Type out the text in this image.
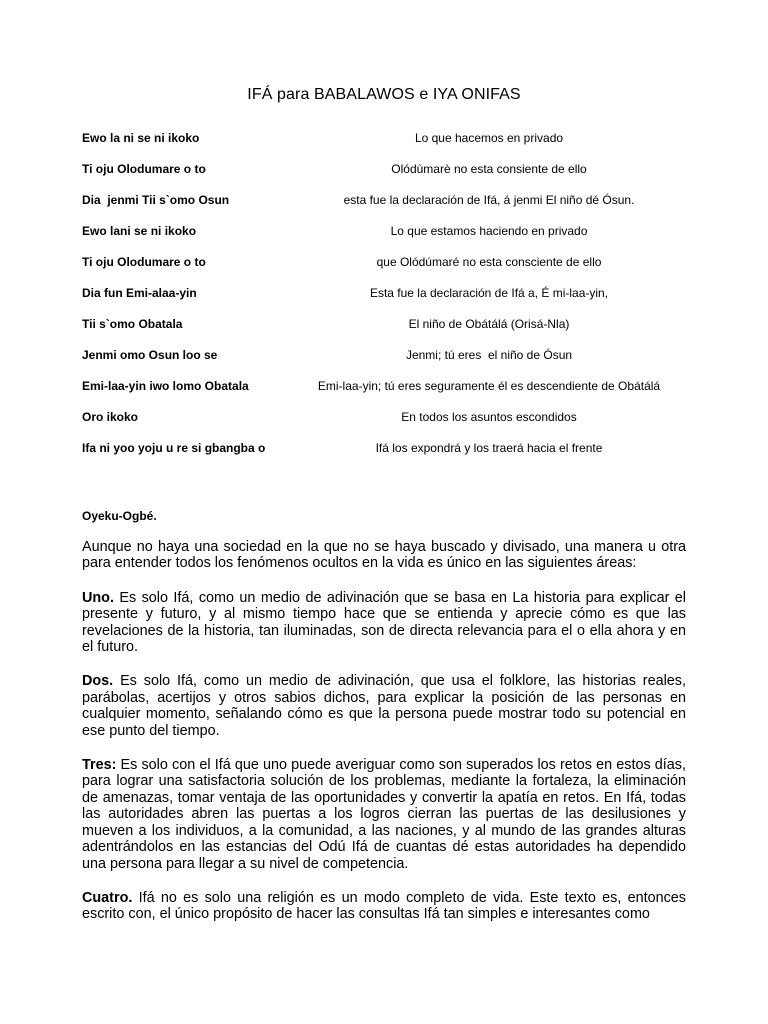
IFÁ para BABALAWOS e IYA ONIFAS
Ewo la ni se ni ikoko	Lo que hacemos en privado
Ti oju Olodumare o to	Olódùmarè no esta consiente de ello
Dia  jenmi Tii s`omo Osun	esta fue la declaración de Ifá, á jenmi El niño dé Ósun.
Ewo lani se ni ikoko	Lo que estamos haciendo en privado
Ti oju Olodumare o to	que Olódúmaré no esta consciente de ello
Dia fun Emi-alaa-yin	Esta fue la declaración de Ifá a, É mi-laa-yin,
Tii s`omo Obatala	El niño de Obátálá (Orisá-Nla)
Jenmi omo Osun loo se	Jenmi; tú eres  el niño de Ósun
Emi-laa-yin iwo lomo Obatala	Emi-laa-yin; tú eres seguramente él es descendiente de Obátálá
Oro ikoko	En todos los asuntos escondidos
Ifa ni yoo yoju u re si gbangba o	Ifá los expondrá y los traerá hacia el frente
Oyeku-Ogbé.

Aunque no haya una sociedad en la que no se haya buscado y divisado, una manera u otra para entender todos los fenómenos ocultos en la vida es único en las siguientes áreas:

Uno. Es solo Ifá, como un medio de adivinación que se basa en La historia para explicar el presente y futuro, y al mismo tiempo hace que se entienda y aprecie cómo es que las revelaciones de la historia, tan iluminadas, son de directa relevancia para el o ella ahora y en el futuro.

Dos. Es solo Ifá, como un medio de adivinación, que usa el folklore, las historias reales, parábolas, acertijos y otros sabios dichos, para explicar la posición de las personas en cualquier momento, señalando cómo es que la persona puede mostrar todo su potencial en ese punto del tiempo.

Tres: Es solo con el Ifá que uno puede averiguar como son superados los retos en estos días, para lograr una satisfactoria solución de los problemas, mediante la fortaleza, la eliminación de amenazas, tomar ventaja de las oportunidades y convertir la apatía en retos. En Ifá, todas las autoridades abren las puertas a los logros cierran las puertas de las desilusiones y mueven a los individuos, a la comunidad, a las naciones, y al mundo de las grandes alturas adentrándolos en las estancias del Odú Ifá de cuantas dé estas autoridades ha dependido una persona para llegar a su nivel de competencia.

Cuatro. Ifá no es solo una religión es un modo completo de vida. Este texto es, entonces escrito con, el único propósito de hacer las consultas Ifá tan simples e interesantes como
